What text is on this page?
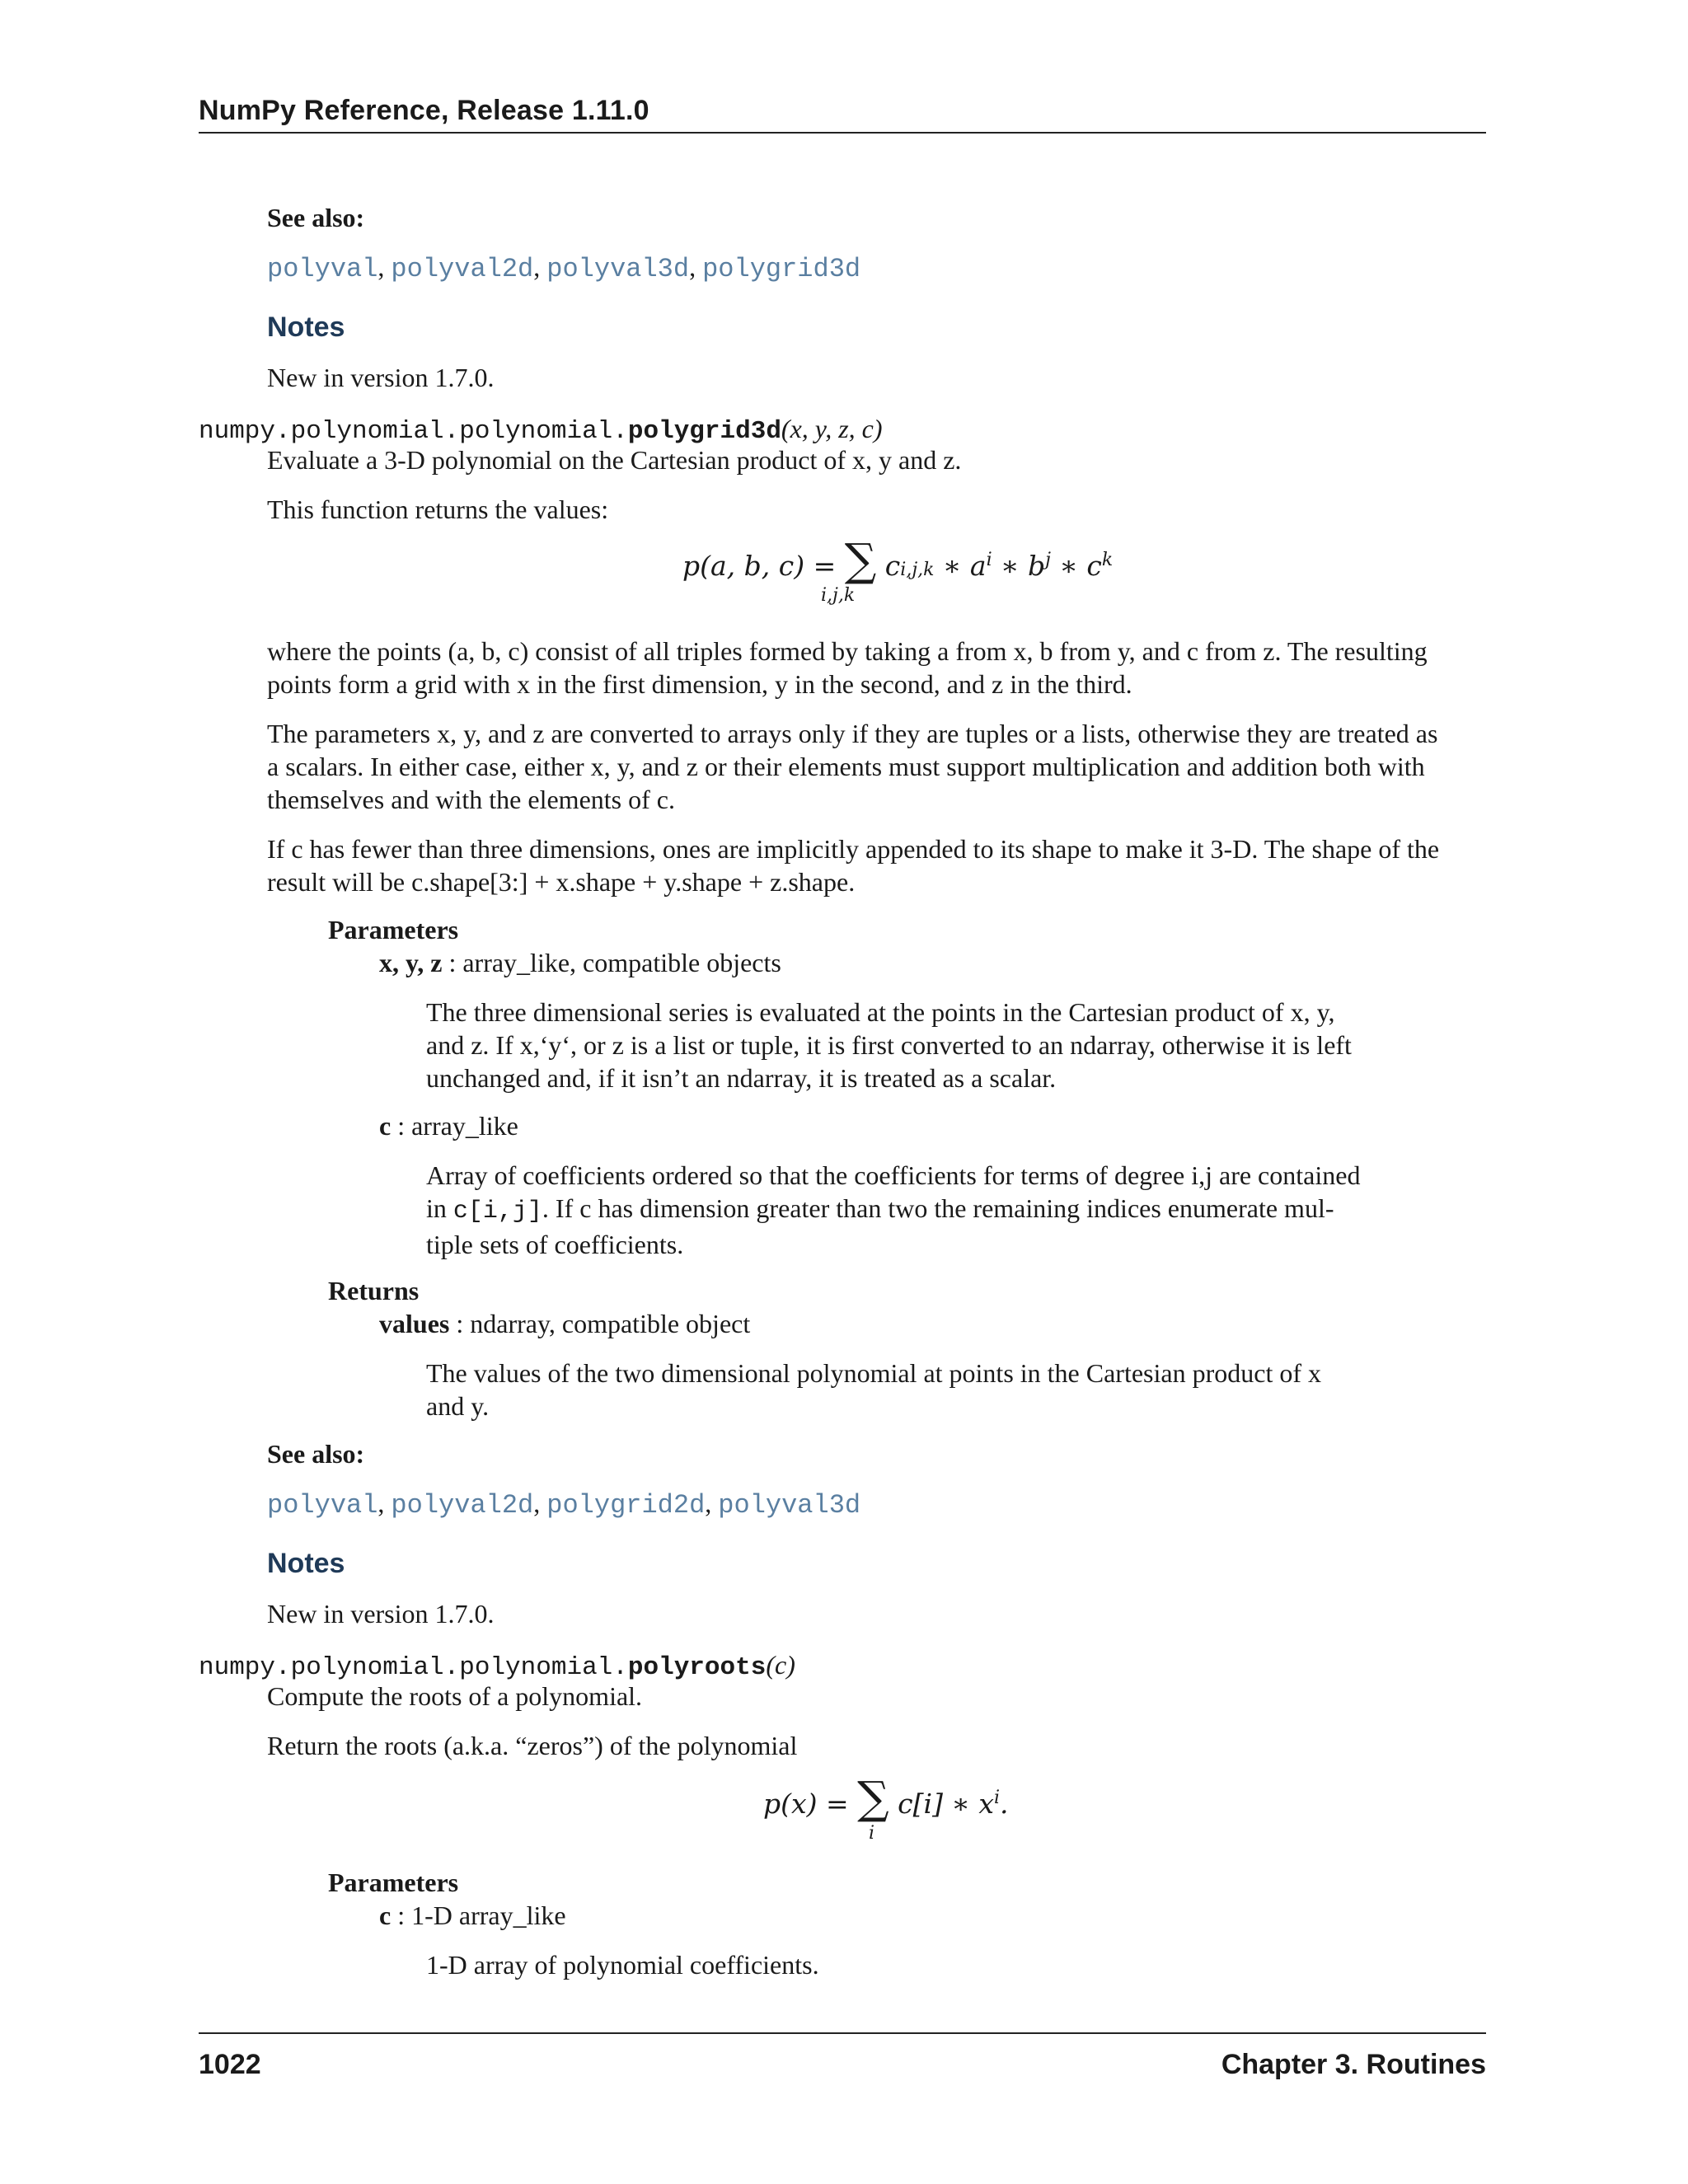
NumPy Reference, Release 1.11.0
See also:
polyval, polyval2d, polyval3d, polygrid3d
Notes
New in version 1.7.0.
numpy.polynomial.polynomial.polygrid3d(x, y, z, c)
Evaluate a 3-D polynomial on the Cartesian product of x, y and z.
This function returns the values:
p(a, b, c) = ∑ ci,j,k ∗ $a^i$ ∗ $b^j$ ∗ $c^k$
i,j,k
where the points (a, b, c) consist of all triples formed by taking a from x, b from y, and c from z. The resulting
points form a grid with x in the first dimension, y in the second, and z in the third.
The parameters x, y, and z are converted to arrays only if they are tuples or a lists, otherwise they are treated as
a scalars. In either case, either x, y, and z or their elements must support multiplication and addition both with
themselves and with the elements of c.
If c has fewer than three dimensions, ones are implicitly appended to its shape to make it 3-D. The shape of the
result will be c.shape[3:] + x.shape + y.shape + z.shape.
Parameters
x, y, z : array_like, compatible objects
The three dimensional series is evaluated at the points in the Cartesian product of x, y,
and z. If x,‘y‘, or z is a list or tuple, it is first converted to an ndarray, otherwise it is left
unchanged and, if it isn’t an ndarray, it is treated as a scalar.
c : array_like
Array of coefficients ordered so that the coefficients for terms of degree i,j are contained
in c[i,j]. If c has dimension greater than two the remaining indices enumerate mul-
tiple sets of coefficients.
Returns
values : ndarray, compatible object
The values of the two dimensional polynomial at points in the Cartesian product of x
and y.
See also:
polyval, polyval2d, polygrid2d, polyval3d
Notes
New in version 1.7.0.
numpy.polynomial.polynomial.polyroots(c)
Compute the roots of a polynomial.
Return the roots (a.k.a. “zeros”) of the polynomial
p(x) = ∑ c[i] ∗ $x^i$.
i
Parameters
c : 1-D array_like
1-D array of polynomial coefficients.
1022	Chapter 3. Routines
